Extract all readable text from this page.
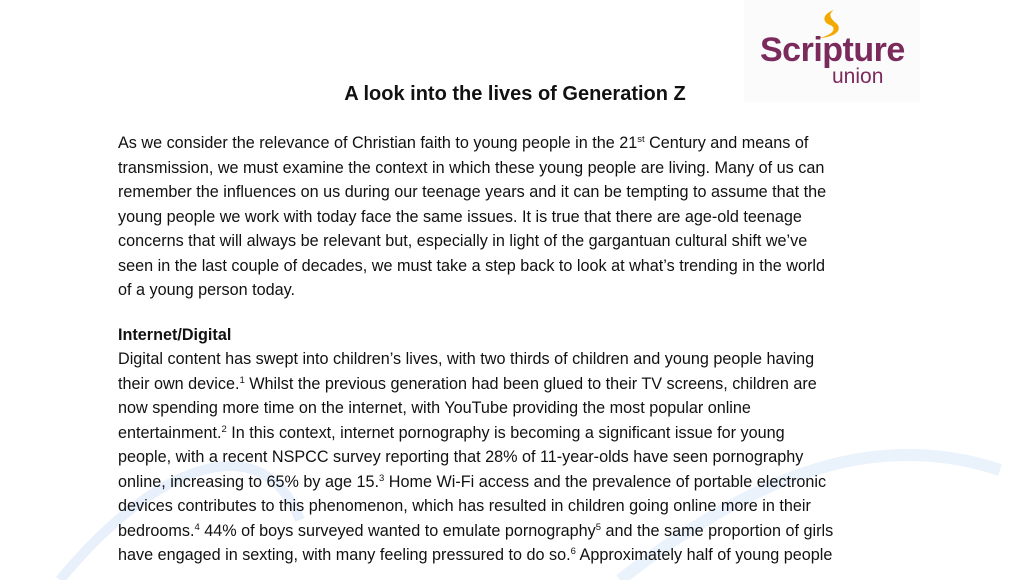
Scripture
union
A look into the lives of Generation Z

As we consider the relevance of Christian faith to young people in the 21st Century and means of
transmission, we must examine the context in which these young people are living. Many of us can
remember the influences on us during our teenage years and it can be tempting to assume that the
young people we work with today face the same issues. It is true that there are age-old teenage
concerns that will always be relevant but, especially in light of the gargantuan cultural shift we’ve
seen in the last couple of decades, we must take a step back to look at what’s trending in the world
of a young person today.

Internet/Digital

Digital content has swept into children’s lives, with two thirds of children and young people having
their own device.$^1$ Whilst the previous generation had been glued to their TV screens, children are
now spending more time on the internet, with YouTube providing the most popular online
entertainment.$^2$ In this context, internet pornography is becoming a significant issue for young
people, with a recent NSPCC survey reporting that 28% of 11-year-olds have seen pornography
online, increasing to 65% by age 15.$^3$ Home Wi-Fi access and the prevalence of portable electronic
devices contributes to this phenomenon, which has resulted in children going online more in their
bedrooms.$^4$ 44% of boys surveyed wanted to emulate pornography$^5$ and the same proportion of girls
have engaged in sexting, with many feeling pressured to do so.$^6$ Approximately half of young people
